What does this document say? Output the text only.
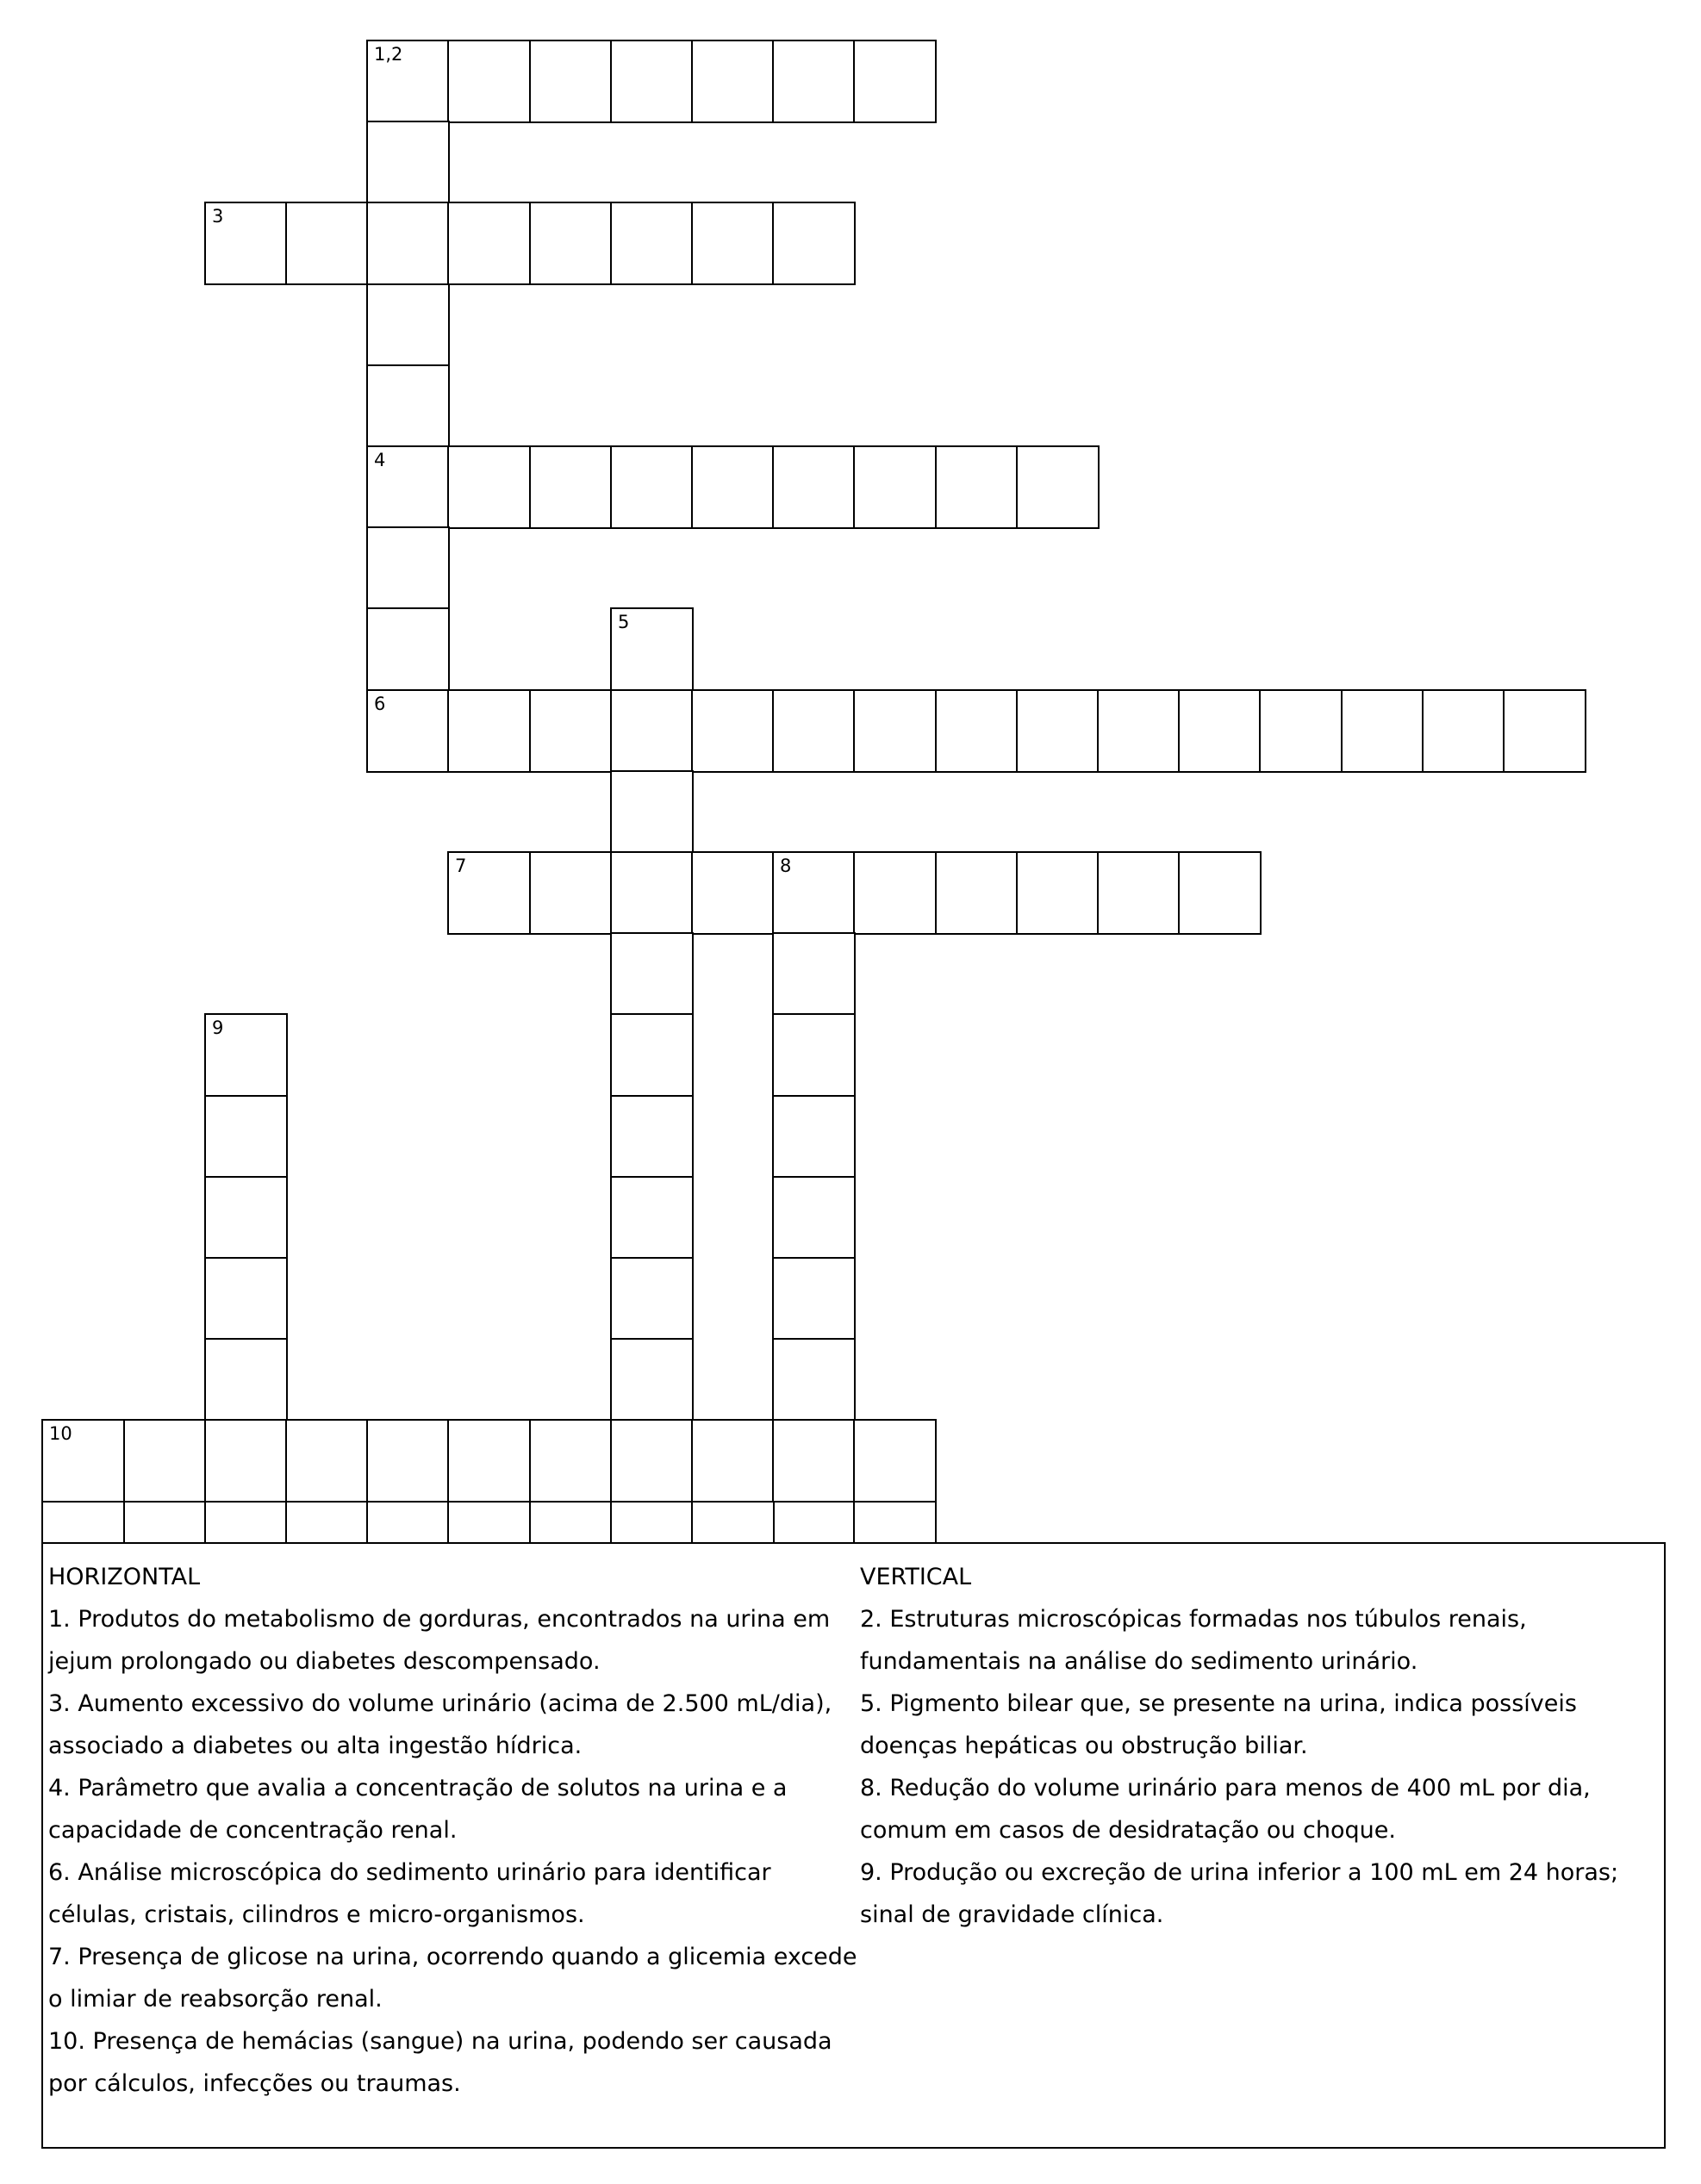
1,2
3
4
5
6
7	8
9
10

HORIZONTAL

1. Produtos do metabolismo de gorduras, encontrados na urina em

jejum prolongado ou diabetes descompensado.

3. Aumento excessivo do volume urinário (acima de 2.500 mL/dia),

associado a diabetes ou alta ingestão hídrica.

4. Parâmetro que avalia a concentração de solutos na urina e a

capacidade de concentração renal.

6. Análise microscópica do sedimento urinário para identificar

células, cristais, cilindros e micro-organismos.

7. Presença de glicose na urina, ocorrendo quando a glicemia excede

o limiar de reabsorção renal.

10. Presença de hemácias (sangue) na urina, podendo ser causada

por cálculos, infecções ou traumas.

VERTICAL

2. Estruturas microscópicas formadas nos túbulos renais,

fundamentais na análise do sedimento urinário.

5. Pigmento bilear que, se presente na urina, indica possíveis

doenças hepáticas ou obstrução biliar.

8. Redução do volume urinário para menos de 400 mL por dia,

comum em casos de desidratação ou choque.

9. Produção ou excreção de urina inferior a 100 mL em 24 horas;

sinal de gravidade clínica.
